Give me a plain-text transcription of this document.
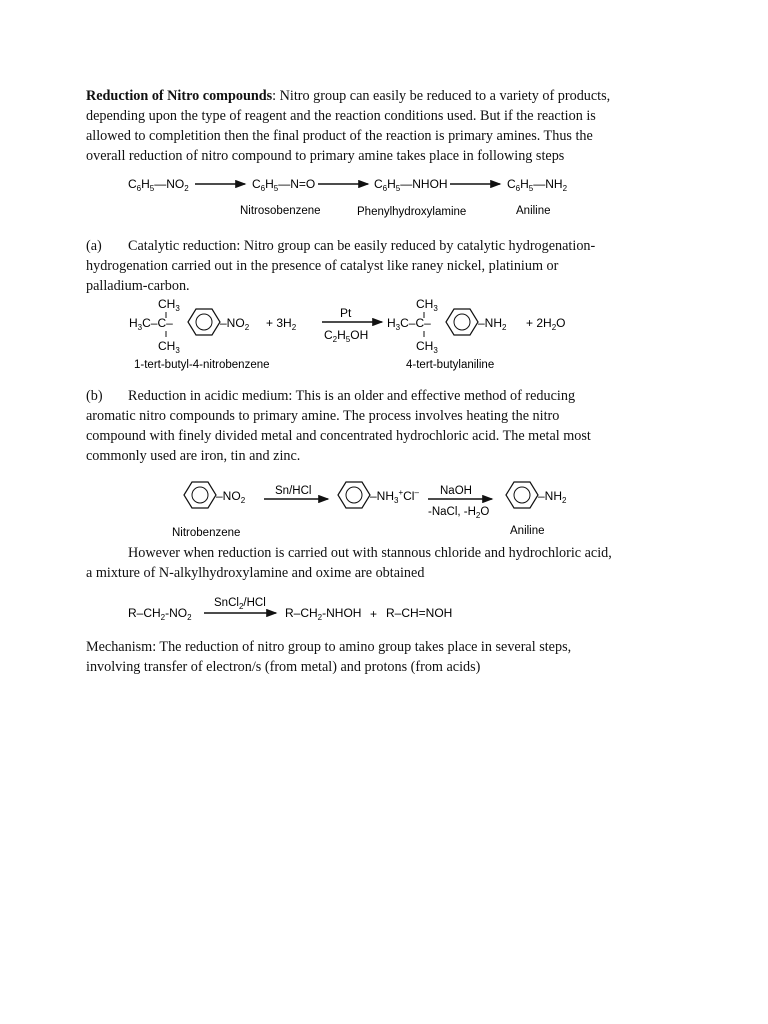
Reduction of Nitro compounds: Nitro group can easily be reduced to a variety of products, depending upon the type of reagent and the reaction conditions used. But if the reaction is allowed to completition then the final product of the reaction is primary amines. Thus the overall reduction of nitro compound to primary amine takes place in following steps

$C_6H_5—NO_2$	$C_6H_5—N=O$	$C_6H_5—NHOH$	$C_6H_5—NH_2$
Nitrosobenzene	Phenylhydroxylamine	Aniline

(a) Catalytic reduction: Nitro group can be easily reduced by catalytic hydrogenation- hydrogenation carried out in the presence of catalyst like raney nickel, platinium or palladium-carbon.

$CH_3$
$H_3C-C-$
$CH_3$
$-NO_2 + 3H_2$
Pt
$C_2H_5OH$
$CH_3$
$H_3C-C-$
$CH_3$
$-NH_2 + 2H_2O$
1-tert-butyl-4-nitrobenzene	4-tert-butylaniline

(b) Reduction in acidic medium: This is an older and effective method of reducing aromatic nitro compounds to primary amine. The process involves heating the nitro compound with finely divided metal and concentrated hydrochloric acid. The metal most commonly used are iron, tin and zinc.

$-NO_2$
Sn/HCl	$-NH_3^+Cl^-$ NaOH
-NaCl, $-H_2O$
$-NH_2$
Nitrobenzene	Aniline

However when reduction is carried out with stannous chloride and hydrochloric acid, a mixture of N-alkylhydroxylamine and oxime are obtained

$R-CH_2-NO_2$
SnCl$_2$/HCl
$R-CH_2$-NHOH + R–CH=NOH

Mechanism: The reduction of nitro group to amino group takes place in several steps, involving transfer of electron/s (from metal) and protons (from acids)
